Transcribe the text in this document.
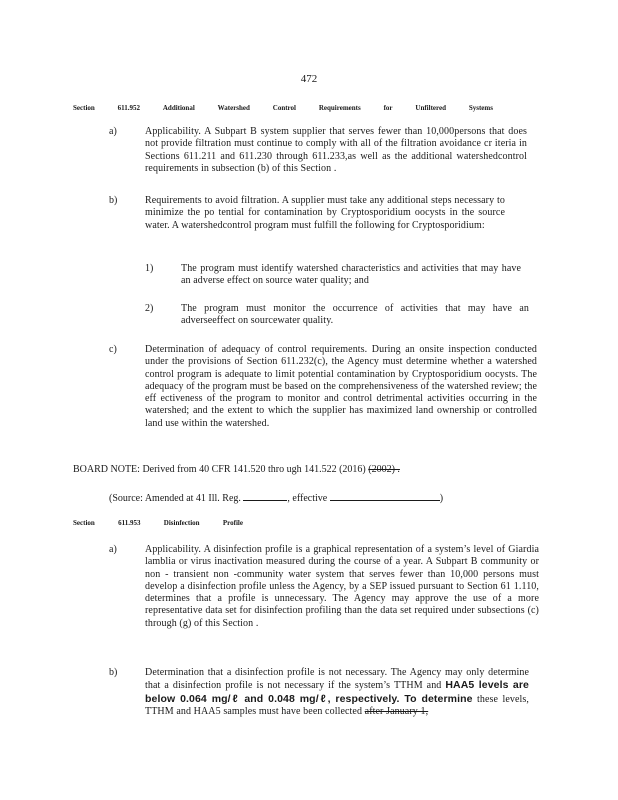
472
Section	611.952	Additional	Watershed	Control	Requirements	for	Unfiltered	Systems
a)	Applicability. A Subpart B system supplier that serves fewer than 10,000persons that does not provide filtration must continue to comply with all of the filtration avoidance cr iteria in Sections 611.211 and 611.230 through 611.233,as well as the additional watershedcontrol requirements in subsection (b) of this Section .
b)	Requirements to avoid filtration. A supplier must take any additional steps necessary to minimize the po tential for contamination by Cryptosporidium oocysts in the source water. A watershedcontrol program must fulfill the following for Cryptosporidium:
1)	The program must identify watershed characteristics and activities that may have an adverse effect on source water quality; and
2)	The program must monitor the occurrence of activities that may have an adverseeffect on sourcewater quality.
c)	Determination of adequacy of control requirements. During an onsite inspection conducted under the provisions of Section 611.232(c), the Agency must determine whether a watershed control program is adequate to limit potential contamination by Cryptosporidium oocysts. The adequacy of the program must be based on the comprehensiveness of the watershed review; the eff ectiveness of the program to monitor and control detrimental activities occurring in the watershed; and the extent to which the supplier has maximized land ownership or controlled land use within the watershed.
BOARD NOTE: Derived from 40 CFR 141.520 thro ugh 141.522 (2016) (2002) .
(Source: Amended at 41 Ill. Reg.	, effective	)
Section	611.953	Disinfection	Profile
a)	Applicability. A disinfection profile is a graphical representation of a system’s level of Giardia lamblia or virus inactivation measured during the course of a year. A Subpart B community or non - transient non -community water system that serves fewer than 10,000 persons must develop a disinfection profile unless the Agency, by a SEP issued pursuant to Section 61 1.110, determines that a profile is unnecessary. The Agency may approve the use of a more representative data set for disinfection profiling than the data set required under subsections (c) through (g) of this Section .
b)	Determination that a disinfection profile is not necessary. The Agency may only determine that a disinfection profile is not necessary if the system’s TTHM and HAA5 levels are below 0.064 mg/ℓ and 0.048 mg/ℓ, respectively. To determine these levels, TTHM and HAA5 samples must have been collected after January 1,
